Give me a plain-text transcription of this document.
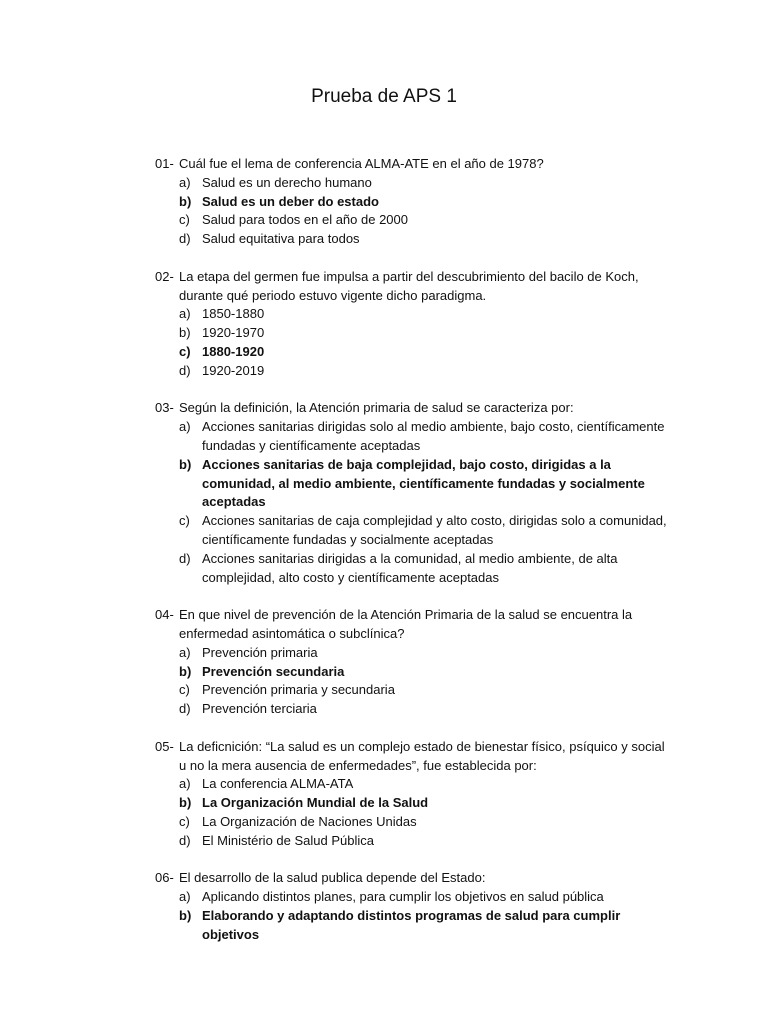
Prueba de APS 1
01- Cuál fue el lema de conferencia ALMA-ATE en el año de 1978?
a) Salud es un derecho humano
b) Salud es un deber do estado
c) Salud para todos en el año de 2000
d) Salud equitativa para todos
02- La etapa del germen fue impulsa a partir del descubrimiento del bacilo de Koch, durante qué periodo estuvo vigente dicho paradigma.
a) 1850-1880
b) 1920-1970
c) 1880-1920
d) 1920-2019
03- Según la definición, la Atención primaria de salud se caracteriza por:
a) Acciones sanitarias dirigidas solo al medio ambiente, bajo costo, científicamente fundadas y científicamente aceptadas
b) Acciones sanitarias de baja complejidad, bajo costo, dirigidas a la comunidad, al medio ambiente, científicamente fundadas y socialmente aceptadas
c) Acciones sanitarias de caja complejidad y alto costo, dirigidas solo a comunidad, científicamente fundadas y socialmente aceptadas
d) Acciones sanitarias dirigidas a la comunidad, al medio ambiente, de alta complejidad, alto costo y científicamente aceptadas
04- En que nivel de prevención de la Atención Primaria de la salud se encuentra la enfermedad asintomática o subclínica?
a) Prevención primaria
b) Prevención secundaria
c) Prevención primaria y secundaria
d) Prevención terciaria
05- La deficnición: “La salud es un complejo estado de bienestar físico, psíquico y social u no la mera ausencia de enfermedades”, fue establecida por:
a) La conferencia ALMA-ATA
b) La Organización Mundial de la Salud
c) La Organización de Naciones Unidas
d) El Ministério de Salud Pública
06- El desarrollo de la salud publica depende del Estado:
a) Aplicando distintos planes, para cumplir los objetivos en salud pública
b) Elaborando y adaptando distintos programas de salud para cumplir objetivos
